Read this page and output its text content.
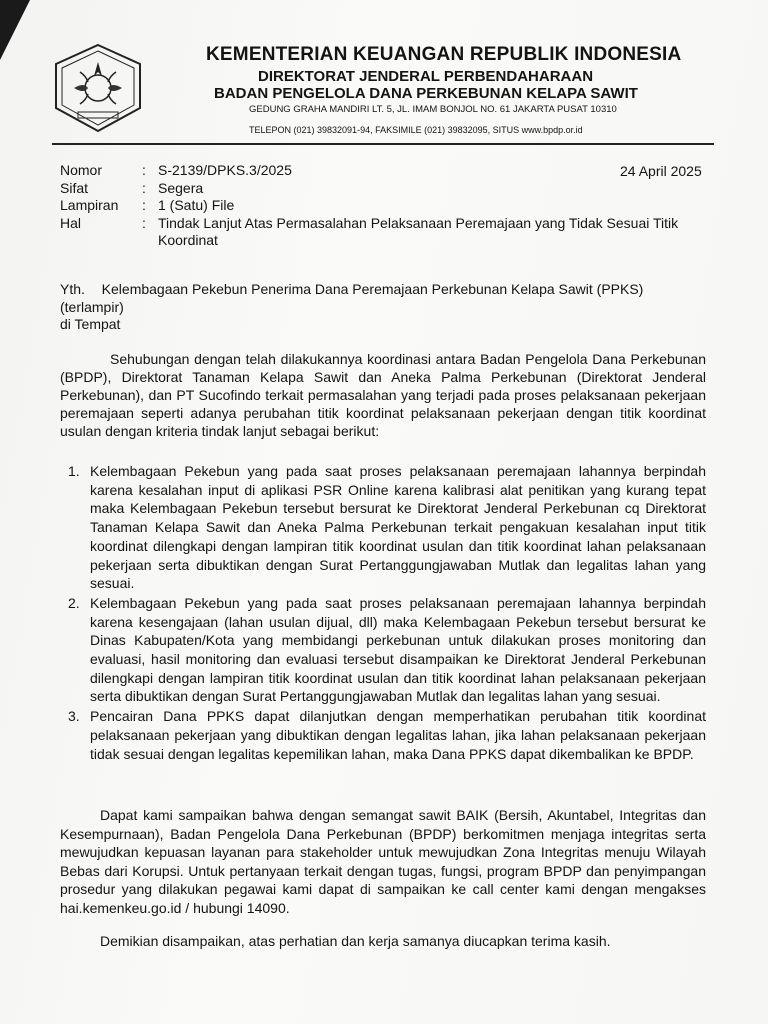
KEMENTERIAN KEUANGAN REPUBLIK INDONESIA
DIREKTORAT JENDERAL PERBENDAHARAAN
BADAN PENGELOLA DANA PERKEBUNAN KELAPA SAWIT
GEDUNG GRAHA MANDIRI LT. 5, JL. IMAM BONJOL NO. 61 JAKARTA PUSAT 10310
TELEPON (021) 39832091-94, FAKSIMILE (021) 39832095, SITUS www.bpdp.or.id
Nomor	: S-2139/DPKS.3/2025
Sifat	: Segera
Lampiran	: 1 (Satu) File
Hal	: Tindak Lanjut Atas Permasalahan Pelaksanaan Peremajaan yang Tidak Sesuai Titik Koordinat
24 April 2025
Yth. Kelembagaan Pekebun Penerima Dana Peremajaan Perkebunan Kelapa Sawit (PPKS)
(terlampir)
di Tempat
Sehubungan dengan telah dilakukannya koordinasi antara Badan Pengelola Dana Perkebunan (BPDP), Direktorat Tanaman Kelapa Sawit dan Aneka Palma Perkebunan (Direktorat Jenderal Perkebunan), dan PT Sucofindo terkait permasalahan yang terjadi pada proses pelaksanaan pekerjaan peremajaan seperti adanya perubahan titik koordinat pelaksanaan pekerjaan dengan titik koordinat usulan dengan kriteria tindak lanjut sebagai berikut:
1. Kelembagaan Pekebun yang pada saat proses pelaksanaan peremajaan lahannya berpindah karena kesalahan input di aplikasi PSR Online karena kalibrasi alat penitikan yang kurang tepat maka Kelembagaan Pekebun tersebut bersurat ke Direktorat Jenderal Perkebunan cq Direktorat Tanaman Kelapa Sawit dan Aneka Palma Perkebunan terkait pengakuan kesalahan input titik koordinat dilengkapi dengan lampiran titik koordinat usulan dan titik koordinat lahan pelaksanaan pekerjaan serta dibuktikan dengan Surat Pertanggungjawaban Mutlak dan legalitas lahan yang sesuai.
2. Kelembagaan Pekebun yang pada saat proses pelaksanaan peremajaan lahannya berpindah karena kesengajaan (lahan usulan dijual, dll) maka Kelembagaan Pekebun tersebut bersurat ke Dinas Kabupaten/Kota yang membidangi perkebunan untuk dilakukan proses monitoring dan evaluasi, hasil monitoring dan evaluasi tersebut disampaikan ke Direktorat Jenderal Perkebunan dilengkapi dengan lampiran titik koordinat usulan dan titik koordinat lahan pelaksanaan pekerjaan serta dibuktikan dengan Surat Pertanggungjawaban Mutlak dan legalitas lahan yang sesuai.
3. Pencairan Dana PPKS dapat dilanjutkan dengan memperhatikan perubahan titik koordinat pelaksanaan pekerjaan yang dibuktikan dengan legalitas lahan, jika lahan pelaksanaan pekerjaan tidak sesuai dengan legalitas kepemilikan lahan, maka Dana PPKS dapat dikembalikan ke BPDP.
Dapat kami sampaikan bahwa dengan semangat sawit BAIK (Bersih, Akuntabel, Integritas dan Kesempurnaan), Badan Pengelola Dana Perkebunan (BPDP) berkomitmen menjaga integritas serta mewujudkan kepuasan layanan para stakeholder untuk mewujudkan Zona Integritas menuju Wilayah Bebas dari Korupsi. Untuk pertanyaan terkait dengan tugas, fungsi, program BPDP dan penyimpangan prosedur yang dilakukan pegawai kami dapat di sampaikan ke call center kami dengan mengakses hai.kemenkeu.go.id / hubungi 14090.
Demikian disampaikan, atas perhatian dan kerja samanya diucapkan terima kasih.
